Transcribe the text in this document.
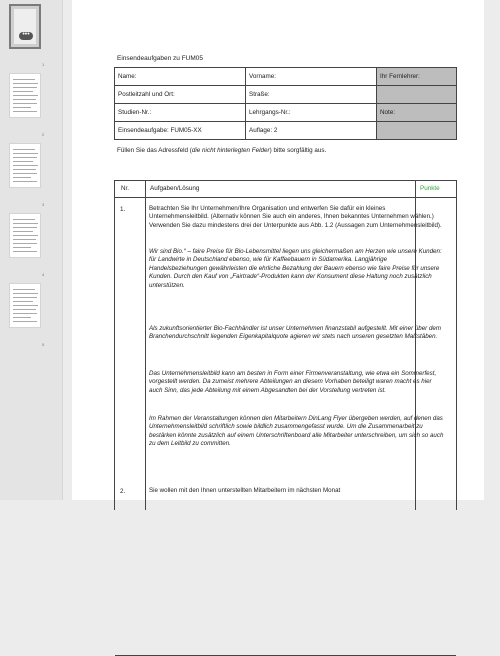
•••
1
2
3
4
5
Einsendeaufgaben zu FUM05
Name:	Vorname:	Ihr Fernlehrer:
Postleitzahl und Ort:	Straße:	
Studien-Nr.:	Lehrgangs-Nr.:	Note:
Einsendeaufgabe: FUM05-XX	Auflage: 2	
Füllen Sie das Adressfeld (die nicht hinterlegten Felder) bitte sorgfältig aus.
Nr.	Aufgaben/Lösung	Punkte
1.	Betrachten Sie Ihr Unternehmen/Ihre Organisation und entwerfen Sie dafür ein kleines Unternehmensleitbild. (Alternativ können Sie auch ein anderes, Ihnen bekanntes Unternehmen wählen.) Verwenden Sie dazu mindestens drei der Unterpunkte aus Abb. 1.2 (Aussagen zum Unternehmensleitbild).
Wir sind Bio.“ – faire Preise für Bio-Lebensmittel liegen uns gleichermaßen am Herzen wie unsere Kunden: für Landwirte in Deutschland ebenso, wie für Kaffeebauern in Südamerika. Langjährige Handelsbeziehungen gewährleisten die ehrliche Bezahlung der Bauern ebenso wie faire Preise für unsere Kunden. Durch den Kauf von „Fairtrade“-Produkten kann der Konsument diese Haltung noch zusätzlich unterstützen.
Als zukunftsorientierter Bio-Fachhändler ist unser Unternehmen finanzstabil aufgestellt. Mit einer über dem Branchendurchschnitt liegenden Eigenkapitalquote agieren wir stets nach unseren gesetzten Maßstäben.
Das Unternehmensleitbild kann am besten in Form einer Firmenveranstaltung, wie etwa ein Sommerfest, vorgestellt werden. Da zumeist mehrere Abteilungen an diesem Vorhaben beteiligt waren macht es hier auch Sinn, das jede Abteilung mit einem Abgesandten bei der Vorstellung vertreten ist.
Im Rahmen der Veranstaltungen können den Mitarbeitern DinLang Flyer übergeben werden, auf denen das Unternehmensleitbild schriftlich sowie bildlich zusammengefasst wurde. Um die Zusammenarbeit zu bestärken könnte zusätzlich auf einem Unterschriftenboard alle Mitarbeiter unterschreiben, um sich so auch zu dem Leitbild zu committen.
2.	Sie wollen mit den Ihnen unterstellten Mitarbeitern im nächsten Monat
